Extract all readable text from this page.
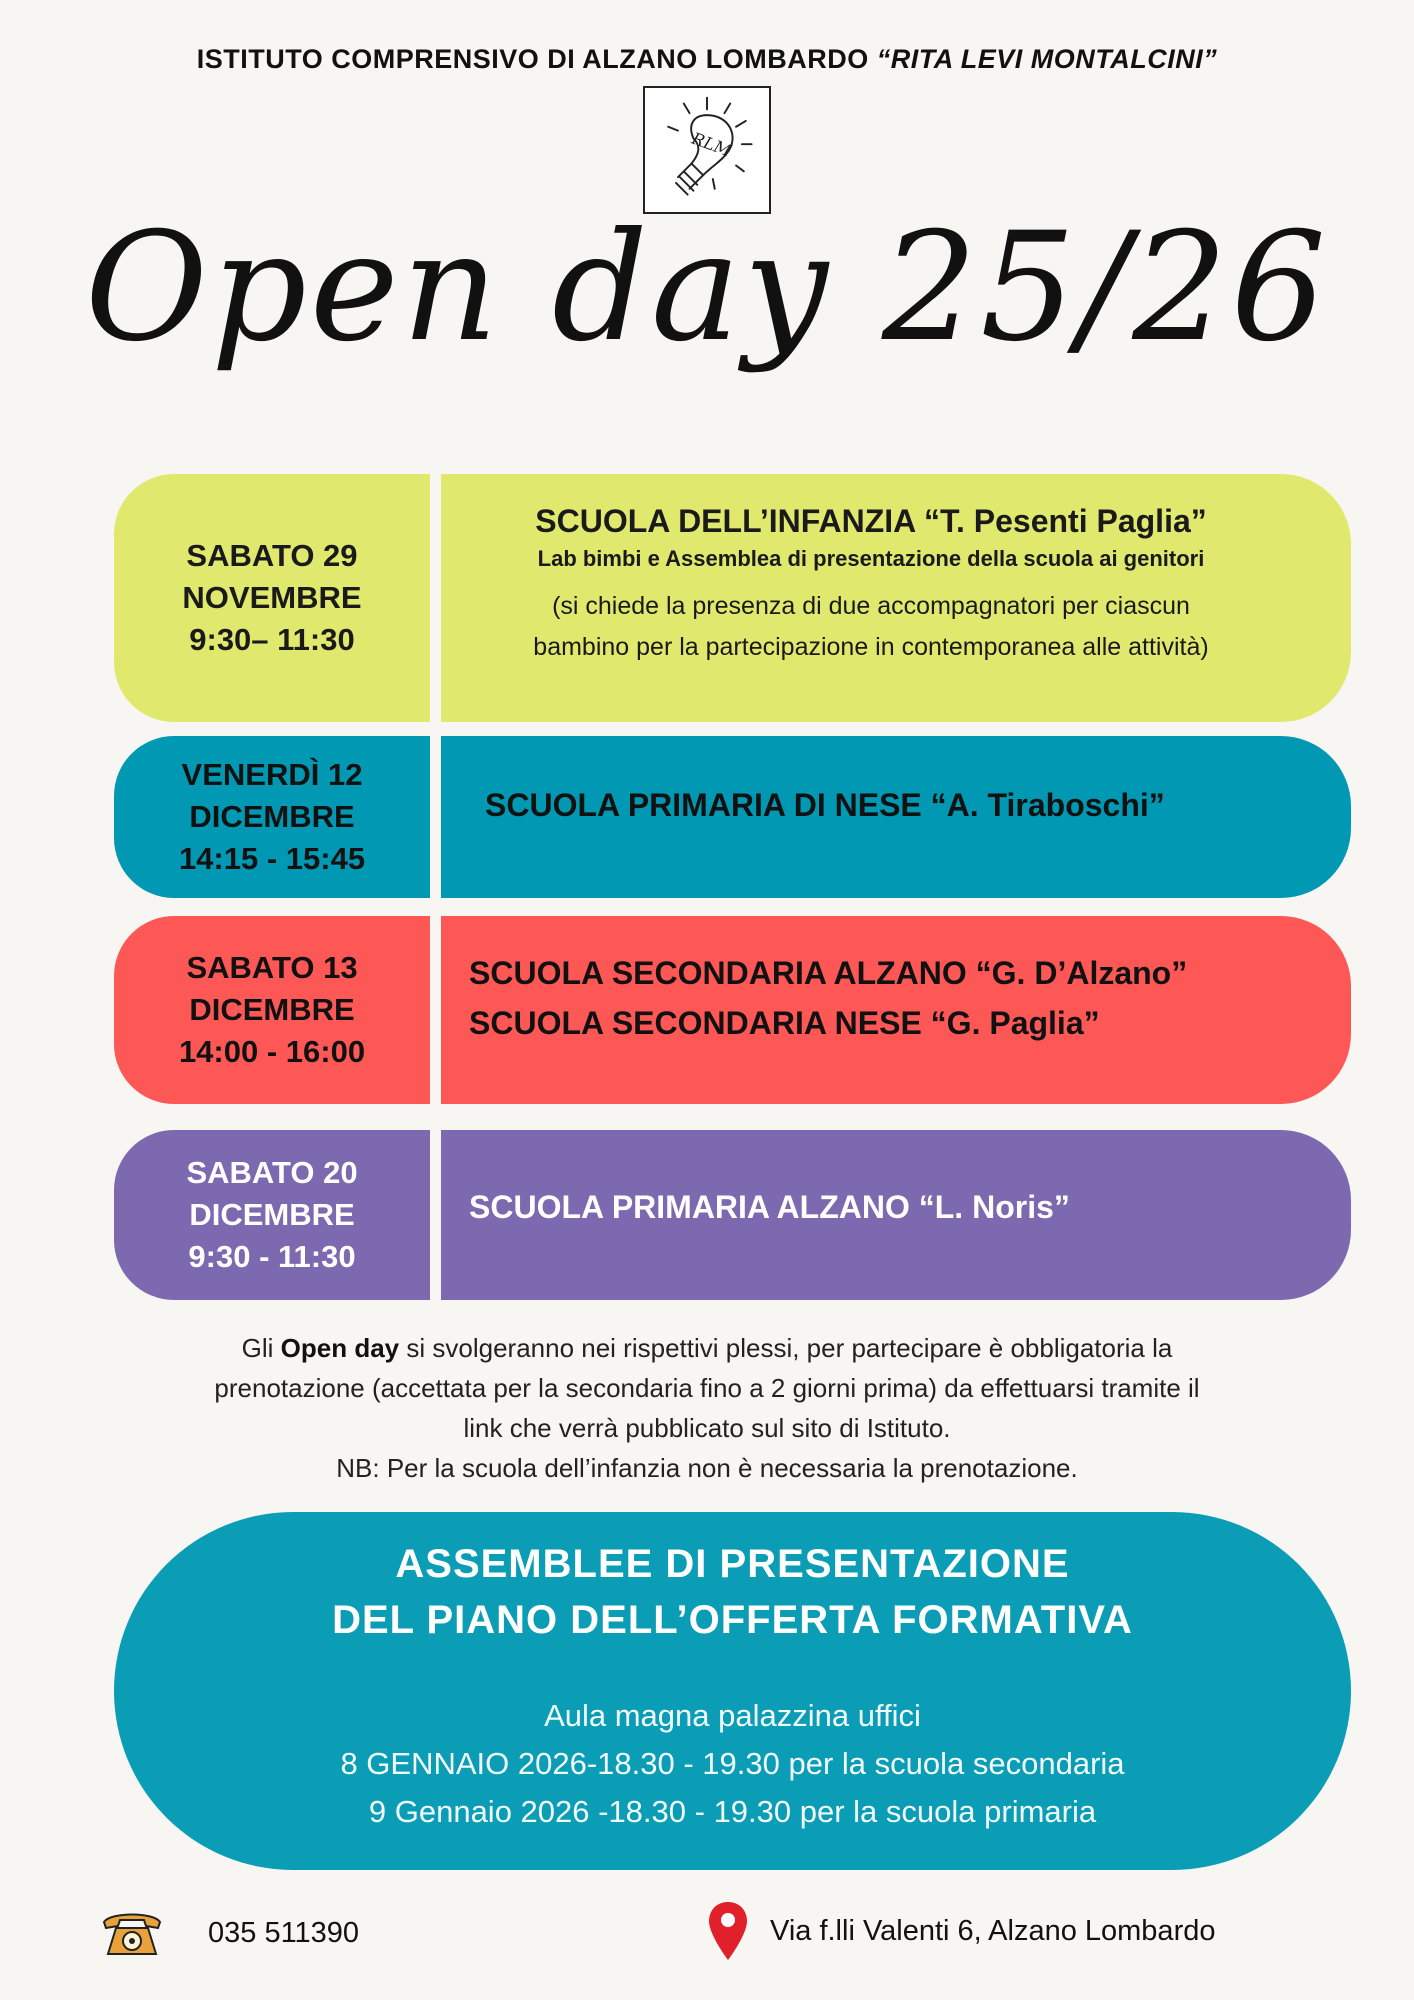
ISTITUTO COMPRENSIVO DI ALZANO LOMBARDO “RITA LEVI MONTALCINI”
RLM
Open day 25/26
SABATO 29
NOVEMBRE
9:30– 11:30
SCUOLA DELL’INFANZIA “T. Pesenti Paglia”
Lab bimbi e Assemblea di presentazione della scuola ai genitori
(si chiede la presenza di due accompagnatori per ciascun
bambino per la partecipazione in contemporanea alle attività)
VENERDÌ 12
DICEMBRE
14:15 - 15:45
SCUOLA PRIMARIA DI NESE “A. Tiraboschi”
SABATO 13
DICEMBRE
14:00 - 16:00
SCUOLA SECONDARIA ALZANO “G. D’Alzano”
SCUOLA SECONDARIA NESE “G. Paglia”
SABATO 20
DICEMBRE
9:30 - 11:30
SCUOLA PRIMARIA ALZANO “L. Noris”
Gli Open day si svolgeranno nei rispettivi plessi, per partecipare è obbligatoria la
prenotazione (accettata per la secondaria fino a 2 giorni prima) da effettuarsi tramite il
link che verrà pubblicato sul sito di Istituto.
NB: Per la scuola dell’infanzia non è necessaria la prenotazione.
ASSEMBLEE DI PRESENTAZIONE
DEL PIANO DELL’OFFERTA FORMATIVA
Aula magna palazzina uffici
8 GENNAIO 2026-18.30 - 19.30 per la scuola secondaria
9 Gennaio 2026 -18.30 - 19.30 per la scuola primaria
035 511390	Via f.lli Valenti 6, Alzano Lombardo
